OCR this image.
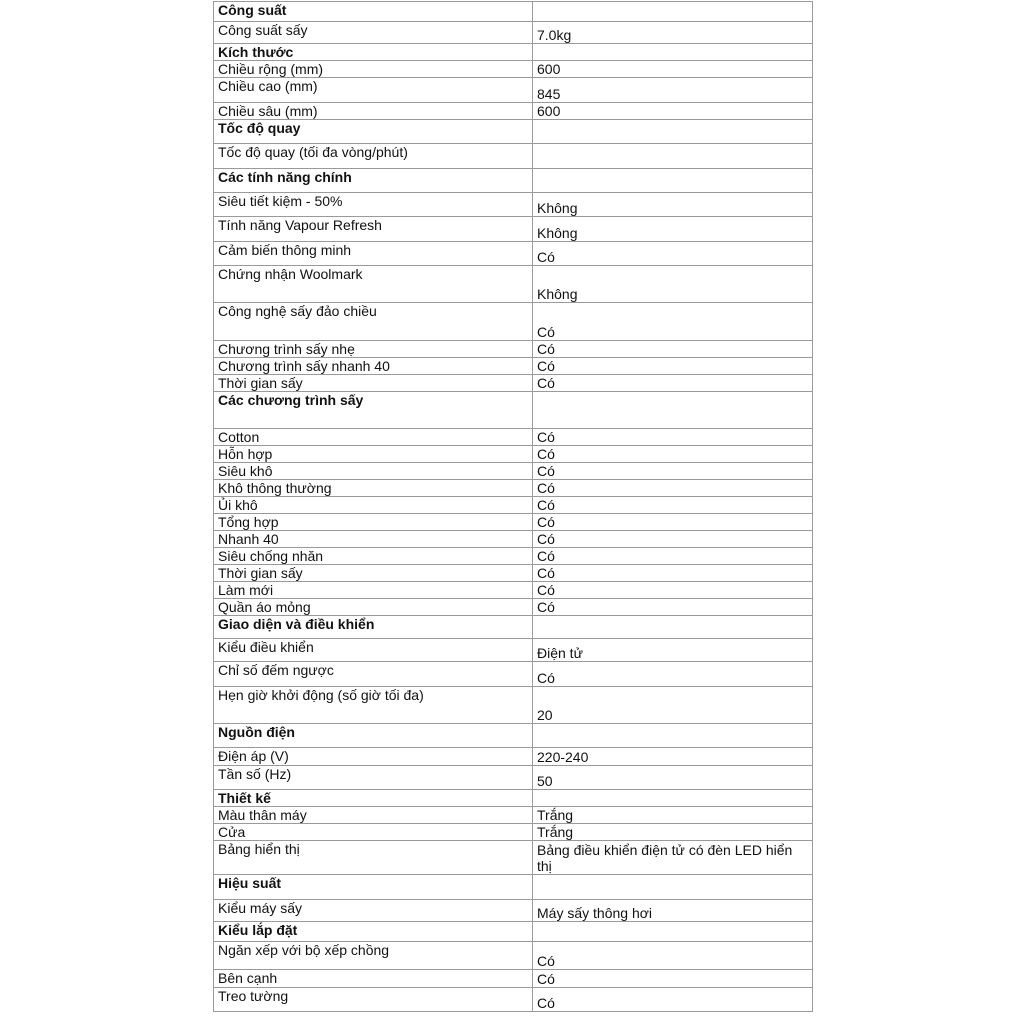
Công suất	
Công suất sấy	7.0kg
Kích thước	
Chiều rộng (mm)	600
Chiều cao (mm)	845
Chiều sâu (mm)	600
Tốc độ quay	
Tốc độ quay (tối đa vòng/phút)	
Các tính năng chính	
Siêu tiết kiệm - 50%	Không
Tính năng Vapour Refresh	Không
Cảm biến thông minh	Có
Chứng nhận Woolmark	Không
Công nghệ sấy đảo chiều	Có
Chương trình sấy nhẹ	Có
Chương trình sấy nhanh 40	Có
Thời gian sấy	Có
Các chương trình sấy	
Cotton	Có
Hỗn hợp	Có
Siêu khô	Có
Khô thông thường	Có
Ủi khô	Có
Tổng hợp	Có
Nhanh 40	Có
Siêu chống nhăn	Có
Thời gian sấy	Có
Làm mới	Có
Quần áo mỏng	Có
Giao diện và điều khiển	
Kiểu điều khiển	Điện tử
Chỉ số đếm ngược	Có
Hẹn giờ khởi động (số giờ tối đa)	20
Nguồn điện	
Điện áp (V)	220-240
Tần số (Hz)	50
Thiết kế	
Màu thân máy	Trắng
Cửa	Trắng
Bảng hiển thị	Bảng điều khiển điện tử có đèn LED hiển thị
Hiệu suất	
Kiểu máy sấy	Máy sấy thông hơi
Kiểu lắp đặt	
Ngăn xếp với bộ xếp chồng	Có
Bên cạnh	Có
Treo tường	Có
